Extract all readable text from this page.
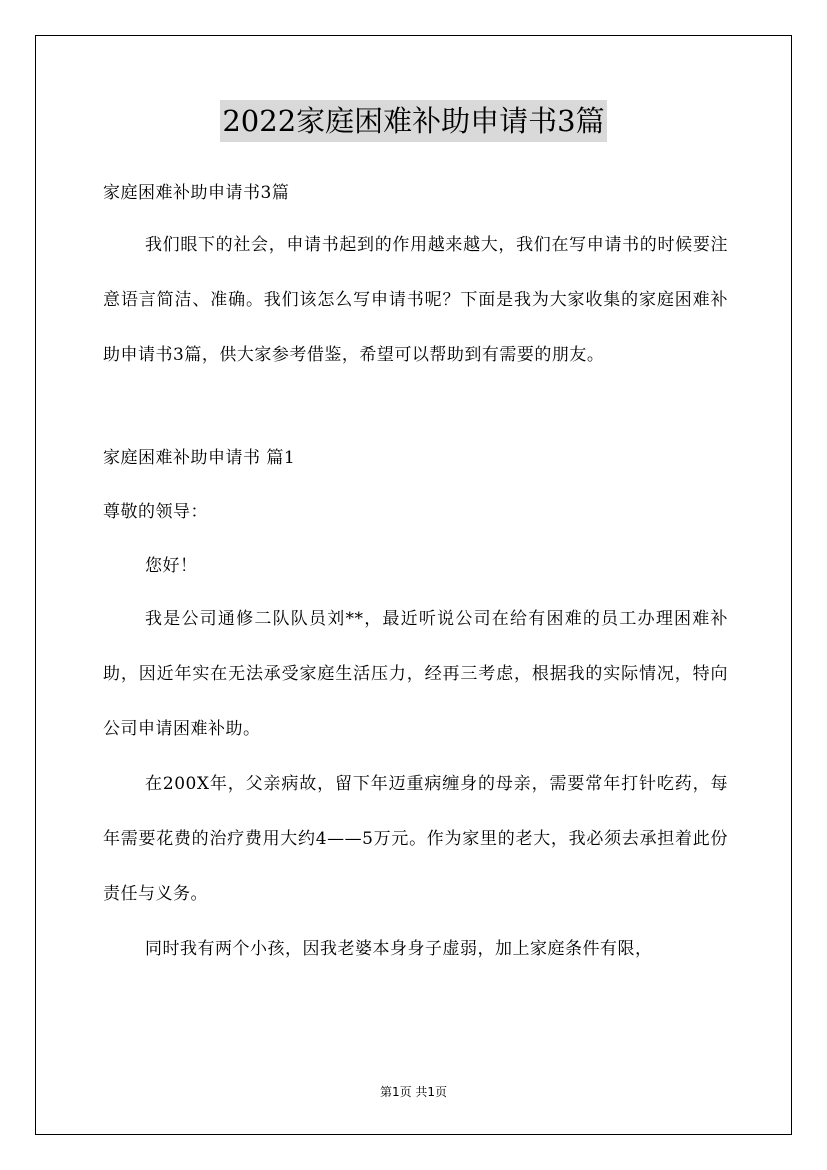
2022家庭困难补助申请书3篇
家庭困难补助申请书3篇
我们眼下的社会，申请书起到的作用越来越大，我们在写申请书的时候要注意语言简洁、准确。我们该怎么写申请书呢？下面是我为大家收集的家庭困难补助申请书3篇，供大家参考借鉴，希望可以帮助到有需要的朋友。
家庭困难补助申请书 篇1
尊敬的领导：
您好！
我是公司通修二队队员刘**，最近听说公司在给有困难的员工办理困难补助，因近年实在无法承受家庭生活压力，经再三考虑，根据我的实际情况，特向公司申请困难补助。
在200X年，父亲病故，留下年迈重病缠身的母亲，需要常年打针吃药，每年需要花费的治疗费用大约4——5万元。作为家里的老大，我必须去承担着此份责任与义务。
同时我有两个小孩，因我老婆本身身子虚弱，加上家庭条件有限，
第1页 共1页
